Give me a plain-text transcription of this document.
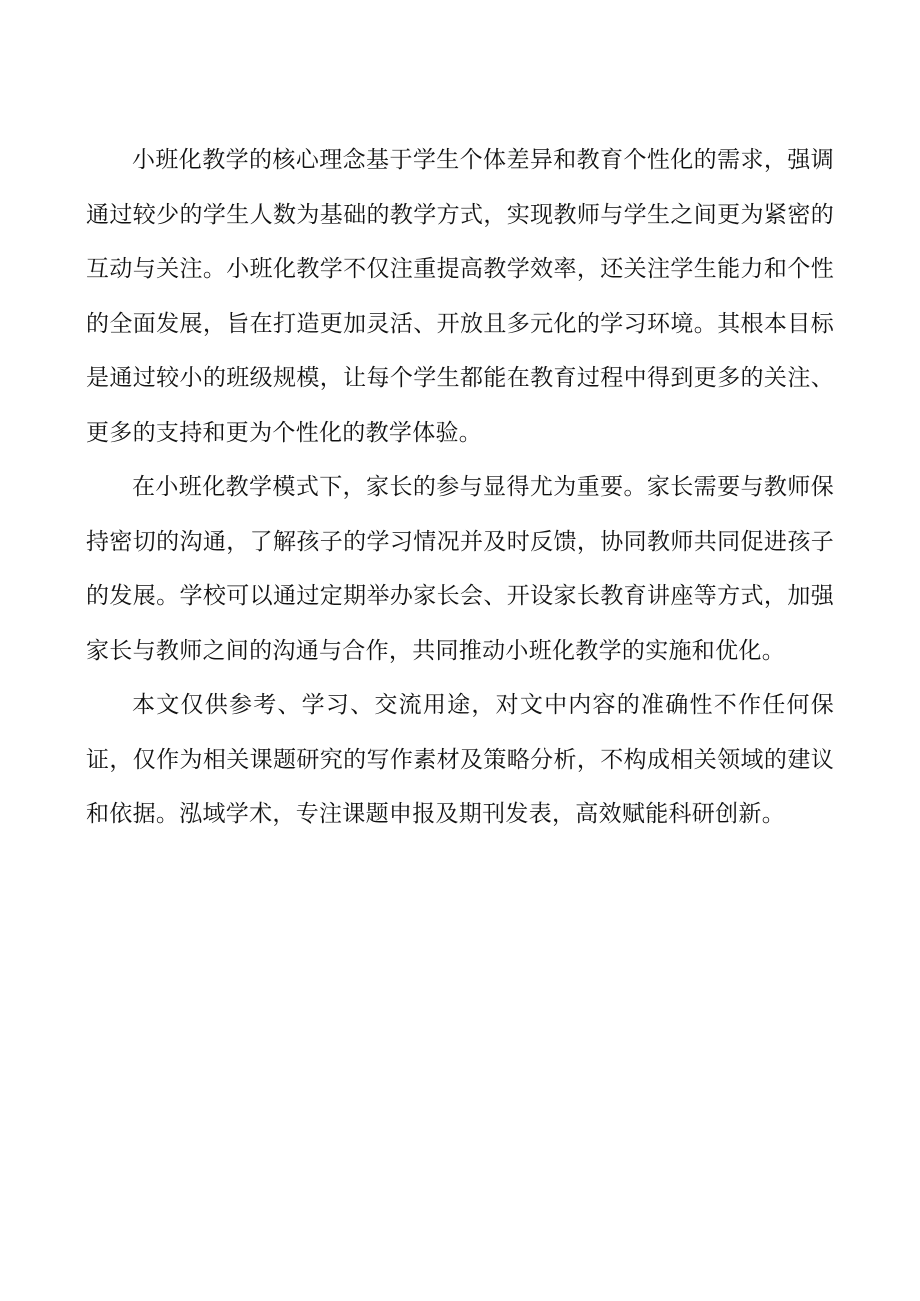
小班化教学的核心理念基于学生个体差异和教育个性化的需求，强调通过较少的学生人数为基础的教学方式，实现教师与学生之间更为紧密的互动与关注。小班化教学不仅注重提高教学效率，还关注学生能力和个性的全面发展，旨在打造更加灵活、开放且多元化的学习环境。其根本目标是通过较小的班级规模，让每个学生都能在教育过程中得到更多的关注、更多的支持和更为个性化的教学体验。

在小班化教学模式下，家长的参与显得尤为重要。家长需要与教师保持密切的沟通，了解孩子的学习情况并及时反馈，协同教师共同促进孩子的发展。学校可以通过定期举办家长会、开设家长教育讲座等方式，加强家长与教师之间的沟通与合作，共同推动小班化教学的实施和优化。

本文仅供参考、学习、交流用途，对文中内容的准确性不作任何保证，仅作为相关课题研究的写作素材及策略分析，不构成相关领域的建议和依据。泓域学术，专注课题申报及期刊发表，高效赋能科研创新。
